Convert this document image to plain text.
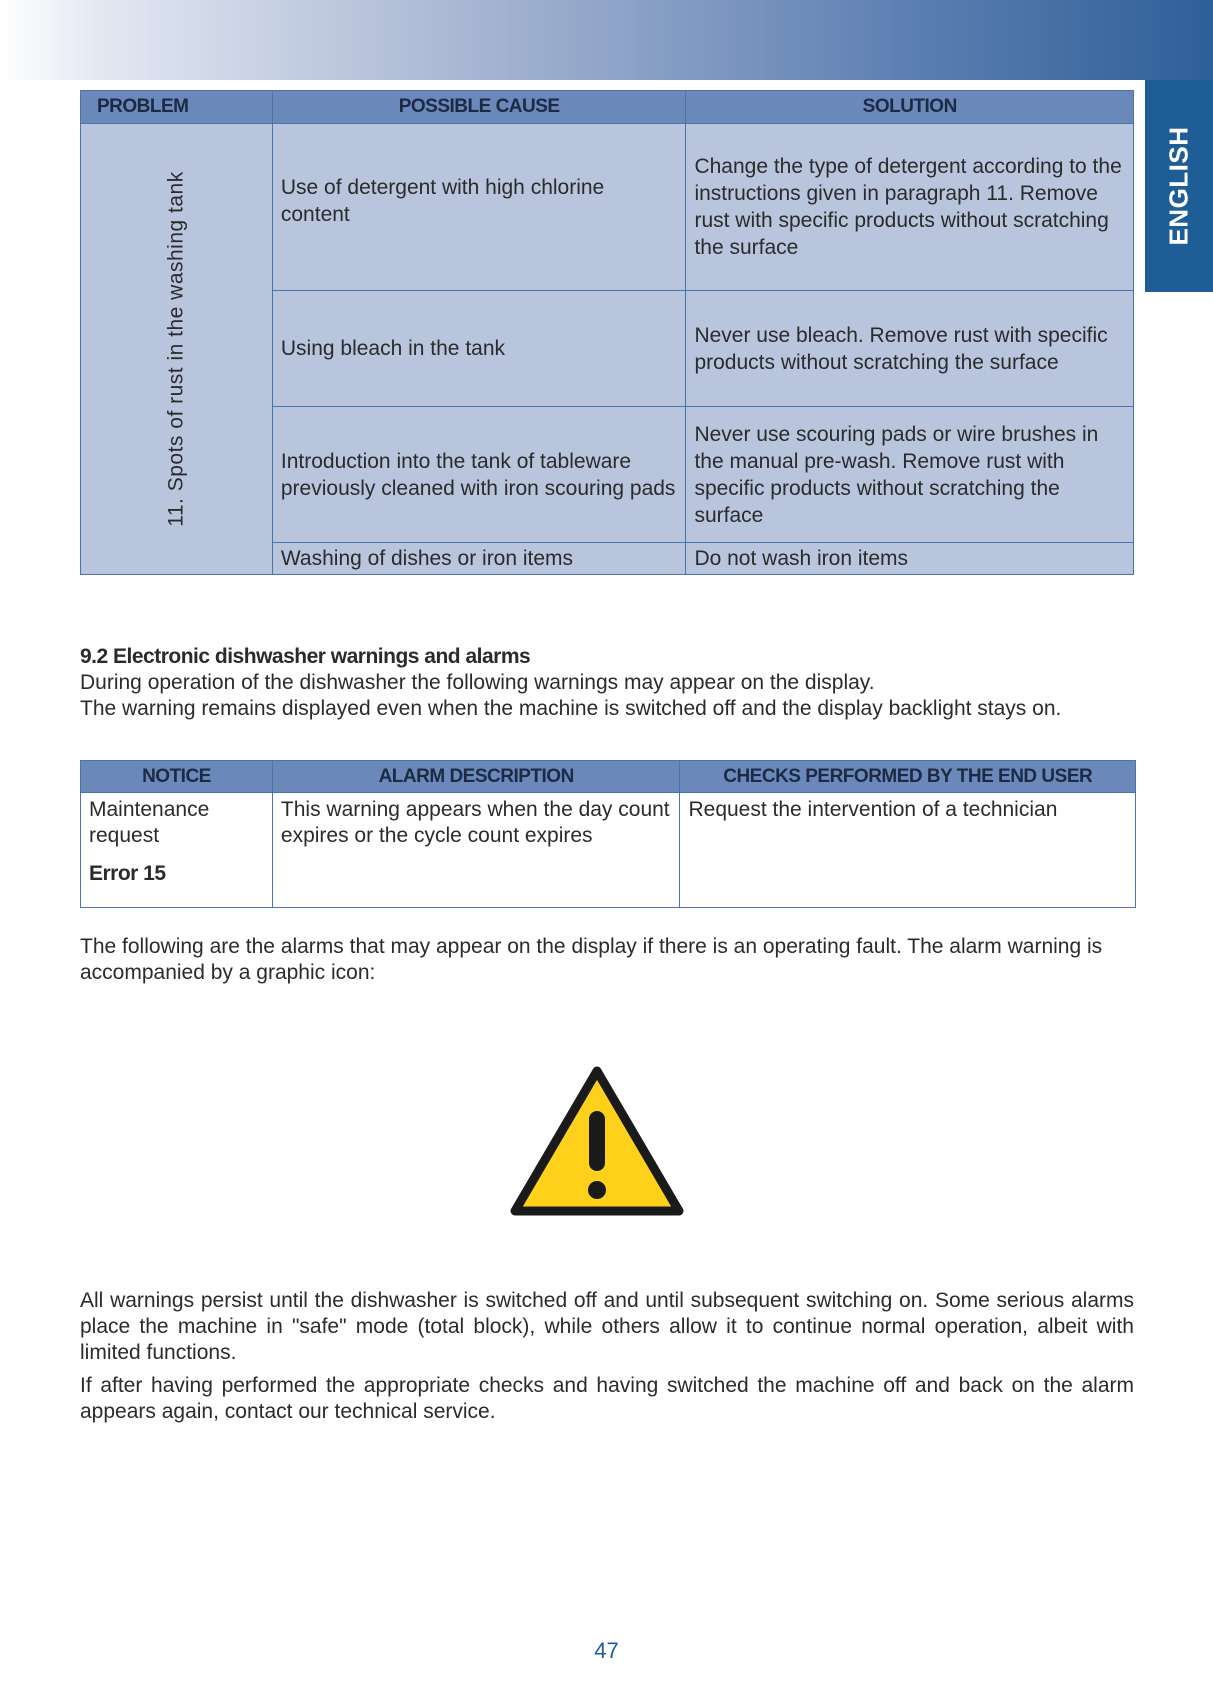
ENGLISH
PROBLEM	POSSIBLE CAUSE	SOLUTION

11. Spots of rust in the washing tank	Use of detergent with high chlorine content	Change the type of detergent according to the instructions given in paragraph 11. Remove rust with specific products without scratching the surface
	Using bleach in the tank	Never use bleach. Remove rust with specific products without scratching the surface
	Introduction into the tank of tableware previously cleaned with iron scouring pads	Never use scouring pads or wire brushes in the manual pre-wash. Remove rust with specific products without scratching the surface
	Washing of dishes or iron items	Do not wash iron items
9.2 Electronic dishwasher warnings and alarms
During operation of the dishwasher the following warnings may appear on the display.
The warning remains displayed even when the machine is switched off and the display backlight stays on.
NOTICE	ALARM DESCRIPTION	CHECKS PERFORMED BY THE END USER

Maintenance request
Error 15	This warning appears when the day count expires or the cycle count expires	Request the intervention of a technician
The following are the alarms that may appear on the display if there is an operating fault. The alarm warning is accompanied by a graphic icon:
All warnings persist until the dishwasher is switched off and until subsequent switching on. Some serious alarms place the machine in "safe" mode (total block), while others allow it to continue normal operation, albeit with limited functions.
If after having performed the appropriate checks and having switched the machine off and back on the alarm appears again, contact our technical service.
47
